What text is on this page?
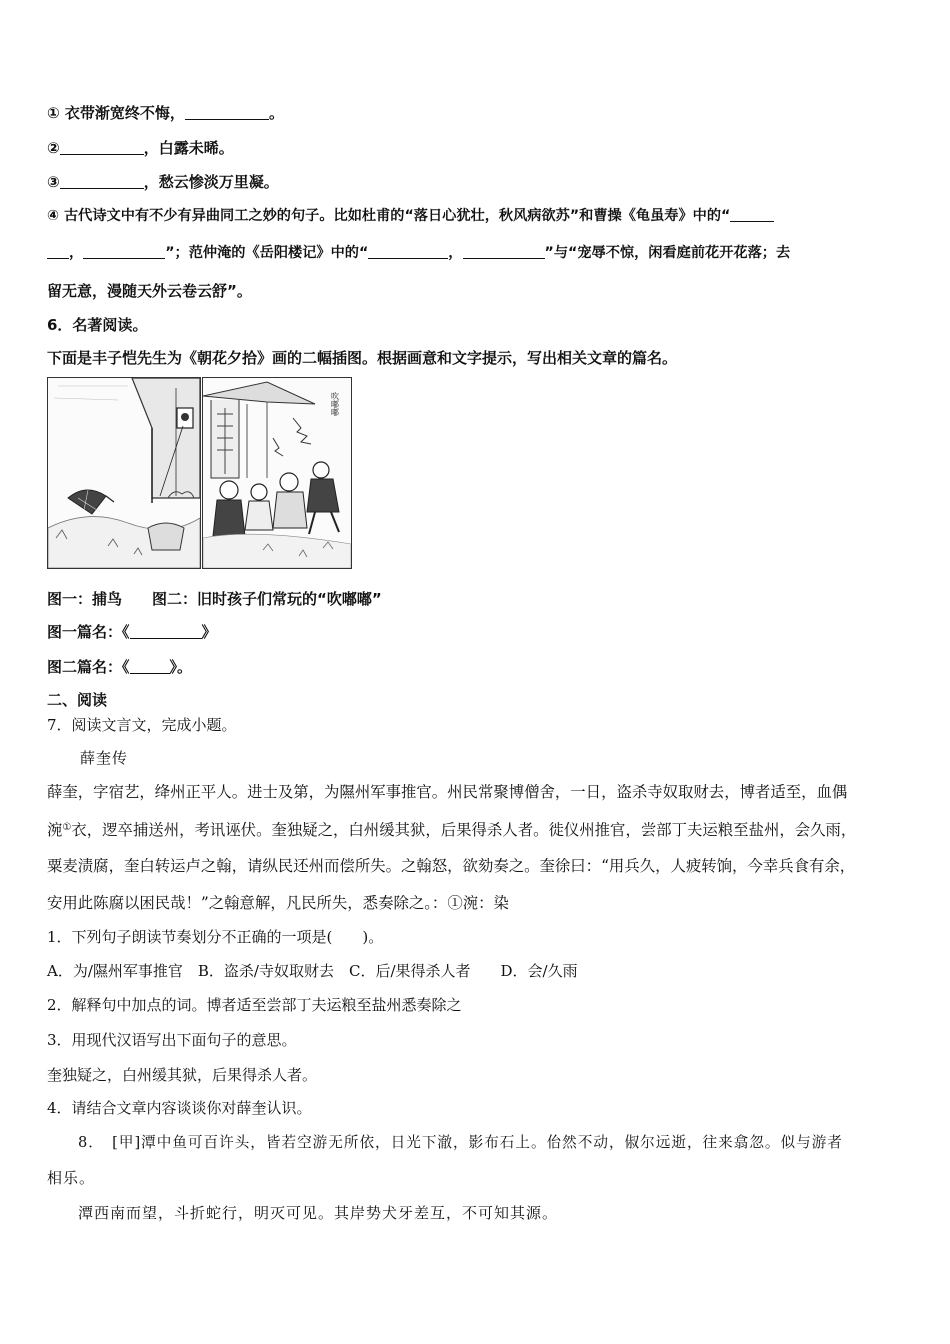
① 衣带渐宽终不悔，	。
②	，白露未晞。
③	，愁云惨淡万里凝。
④ 古代诗文中有不少有异曲同工之妙的句子。比如杜甫的“落日心犹壮，秋风病欲苏”和曹操《龟虽寿》中的“
，	”；范仲淹的《岳阳楼记》中的“	，	”与“宠辱不惊，闲看庭前花开花落；去
留无意，漫随天外云卷云舒”。
6．名著阅读。
下面是丰子恺先生为《朝花夕拾》画的二幅插图。根据画意和文字提示，写出相关文章的篇名。
吹嘟嘟
图一：捕鸟　　图二：旧时孩子们常玩的“吹嘟嘟”
图一篇名：《	》
图二篇名：《	》。
二、阅读
7．阅读文言文，完成小题。
薛奎传
薛奎，字宿艺，绛州正平人。进士及第，为隰州军事推官。州民常聚博僧舍，一日，盗杀寺奴取财去，博者适至，血偶
涴①衣，逻卒捕送州，考讯诬伏。奎独疑之，白州缓其狱，后果得杀人者。徙仪州推官，尝部丁夫运粮至盐州，会久雨，
粟麦渍腐，奎白转运卢之翰，请纵民还州而偿所失。之翰怒，欲劾奏之。奎徐曰：“用兵久，人疲转饷，今幸兵食有余，
安用此陈腐以困民哉！”之翰意解，凡民所失，悉奏除之。：①涴：染
1．下列句子朗读节奏划分不正确的一项是(　　)。
A．为/隰州军事推官　B．盗杀/寺奴取财去　C．后/果得杀人者　　D．会/久雨
2．解释句中加点的词。博者适至尝部丁夫运粮至盐州悉奏除之
3．用现代汉语写出下面句子的意思。
奎独疑之，白州缓其狱，后果得杀人者。
4．请结合文章内容谈谈你对薛奎认识。
8．　[甲]潭中鱼可百许头，皆若空游无所依，日光下澈，影布石上。佁然不动，俶尔远逝，往来翕忽。似与游者
相乐。
潭西南而望，斗折蛇行，明灭可见。其岸势犬牙差互，不可知其源。
